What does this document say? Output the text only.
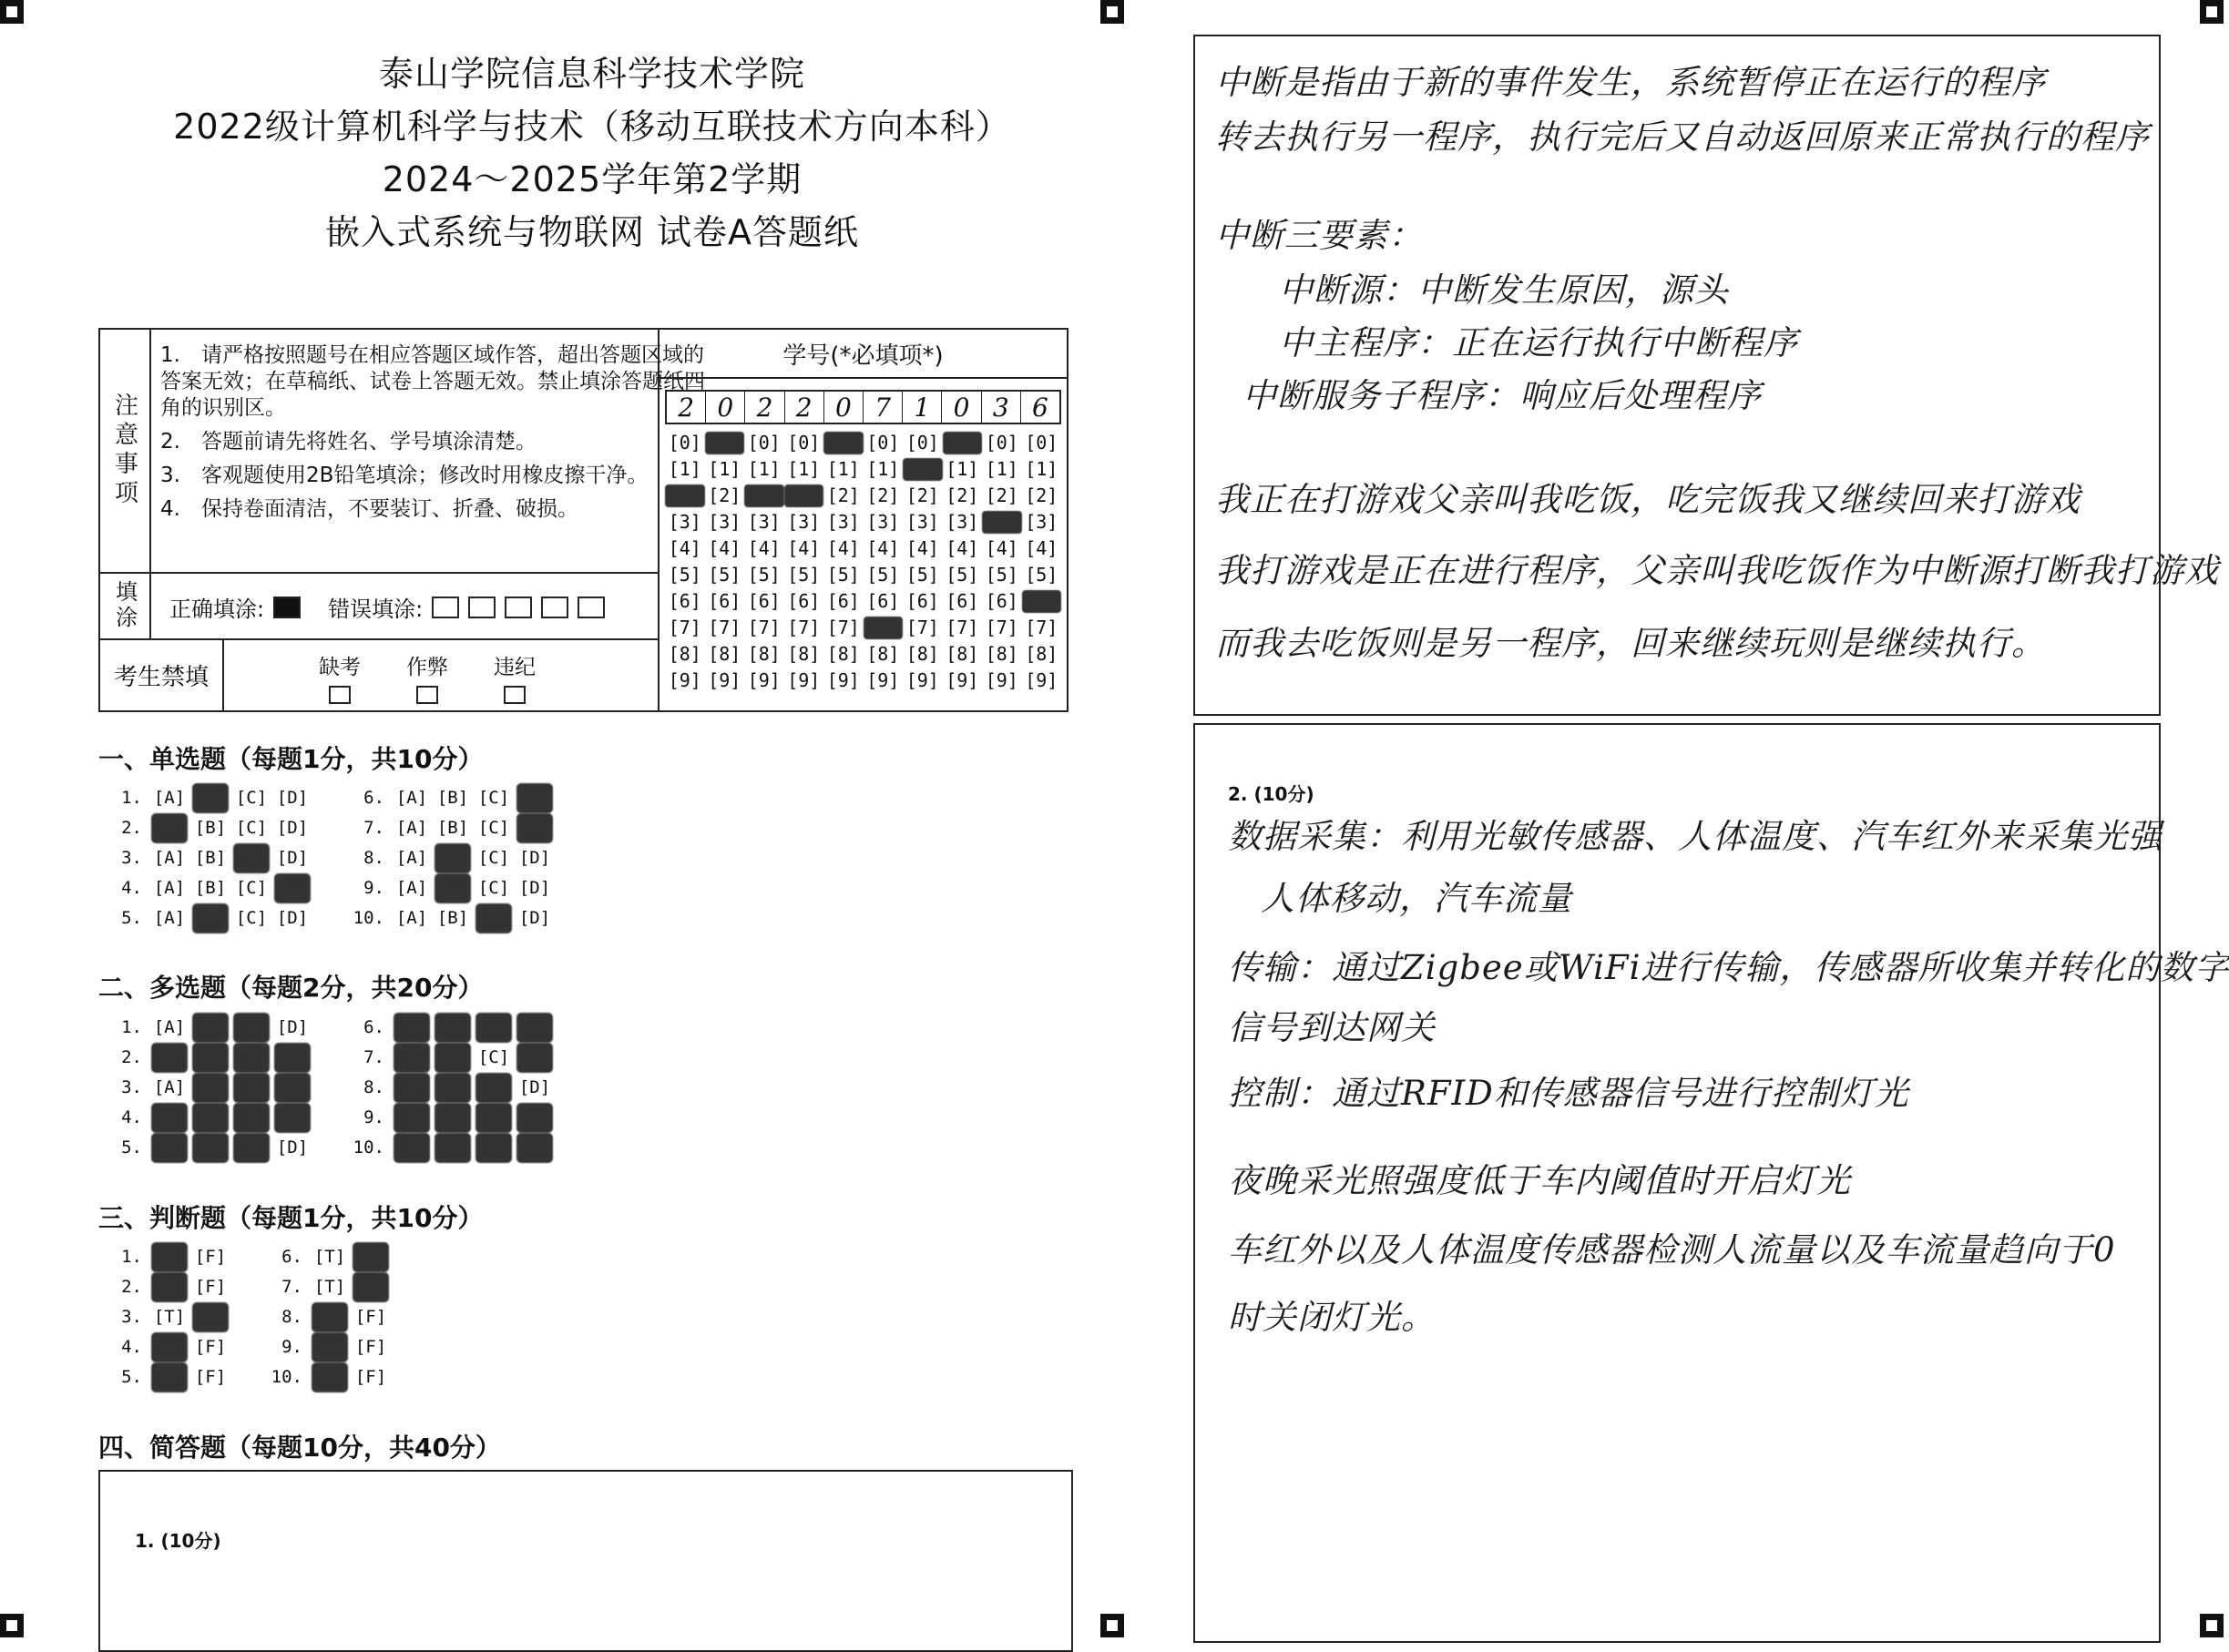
泰山学院信息科学技术学院
2022级计算机科学与技术（移动互联技术方向本科）
2024～2025学年第2学期
嵌入式系统与物联网 试卷A答题纸
注意事项

1.　请严格按照题号在相应答题区域作答，超出答题区域的答案无效；在草稿纸、试卷上答题无效。禁止填涂答题纸四角的识别区。

2.　答题前请先将姓名、学号填涂清楚。

3.　客观题使用2B铅笔填涂；修改时用橡皮擦干净。

4.　保持卷面清洁，不要装订、折叠、破损。

填涂	正确填涂:	错误填涂:
考生禁填	缺考 作弊 违纪
学号(*必填项*)
2 0 2 2 0 7 1 0 3 6
[0] [0] [0] [0] [0] [0] [0] [0] [0] [0]
[1] [1] [1] [1] [1] [1] [1] [1] [1] [1]
[2] [2] [2] [2] [2] [2] [2] [2] [2] [2]
[3] [3] [3] [3] [3] [3] [3] [3] [3] [3]
[4] [4] [4] [4] [4] [4] [4] [4] [4] [4]
[5] [5] [5] [5] [5] [5] [5] [5] [5] [5]
[6] [6] [6] [6] [6] [6] [6] [6] [6] [6]
[7] [7] [7] [7] [7] [7] [7] [7] [7] [7]
[8] [8] [8] [8] [8] [8] [8] [8] [8] [8]
[9] [9] [9] [9] [9] [9] [9] [9] [9] [9]
一、单选题（每题1分，共10分）
1. [A] [B] [C] [D]
2. [A] [B] [C] [D]
3. [A] [B] [C] [D]
4. [A] [B] [C] [D]
5. [A] [B] [C] [D]
6. [A] [B] [C] [D]
7. [A] [B] [C] [D]
8. [A] [B] [C] [D]
9. [A] [B] [C] [D]
10. [A] [B] [C] [D]
二、多选题（每题2分，共20分）
1. [A] [B] [C] [D]
2. [A] [B] [C] [D]
3. [A] [B] [C] [D]
4. [A] [B] [C] [D]
5. [A] [B] [C] [D]
6. [A] [B] [C] [D]
7. [A] [B] [C] [D]
8. [A] [B] [C] [D]
9. [A] [B] [C] [D]
10. [A] [B] [C] [D]
三、判断题（每题1分，共10分）
1. [T] [F]
2. [T] [F]
3. [T] [F]
4. [T] [F]
5. [T] [F]
6. [T] [F]
7. [T] [F]
8. [T] [F]
9. [T] [F]
10. [T] [F]
四、简答题（每题10分，共40分）
1. (10分)
中断是指由于新的事件发生，系统暂停正在运行的程序
转去执行另一程序，执行完后又自动返回原来正常执行的程序
中断三要素：
中断源：中断发生原因，源头
中主程序：正在运行执行中断程序
中断服务子程序：响应后处理程序
我正在打游戏父亲叫我吃饭，吃完饭我又继续回来打游戏
我打游戏是正在进行程序，父亲叫我吃饭作为中断源打断我打游戏
而我去吃饭则是另一程序，回来继续玩则是继续执行。
2. (10分)
数据采集：利用光敏传感器、人体温度、汽车红外来采集光强
人体移动，汽车流量
传输：通过Zigbee或WiFi进行传输，传感器所收集并转化的数字
信号到达网关
控制：通过RFID和传感器信号进行控制灯光
夜晚采光照强度低于车内阈值时开启灯光
车红外以及人体温度传感器检测人流量以及车流量趋向于0
时关闭灯光。
